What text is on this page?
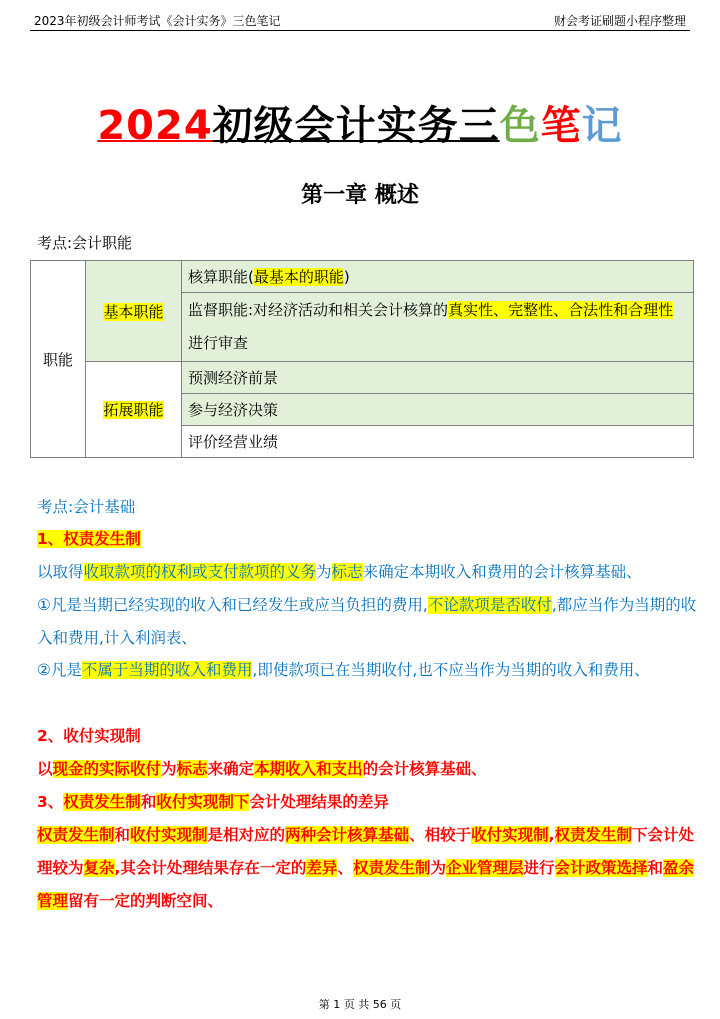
2023年初级会计师考试《会计实务》三色笔记	财会考证刷题小程序整理
2024初级会计实务三色笔记
第一章 概述
考点:会计职能
职能	基本职能	核算职能(最基本的职能)
		监督职能:对经济活动和相关会计核算的真实性、完整性、合法性和合理性进行审查
	拓展职能	预测经济前景
		参与经济决策
		评价经营业绩
考点:会计基础
1、权责发生制
以取得收取款项的权利或支付款项的义务为标志来确定本期收入和费用的会计核算基础、
①凡是当期已经实现的收入和已经发生或应当负担的费用,不论款项是否收付,都应当作为当期的收入和费用,计入利润表、
②凡是不属于当期的收入和费用,即使款项已在当期收付,也不应当作为当期的收入和费用、
2、收付实现制
以现金的实际收付为标志来确定本期收入和支出的会计核算基础、
3、权责发生制和收付实现制下会计处理结果的差异
权责发生制和收付实现制是相对应的两种会计核算基础、相较于收付实现制,权责发生制下会计处理较为复杂,其会计处理结果存在一定的差异、权责发生制为企业管理层进行会计政策选择和盈余管理留有一定的判断空间、
第 1 页 共 56 页
